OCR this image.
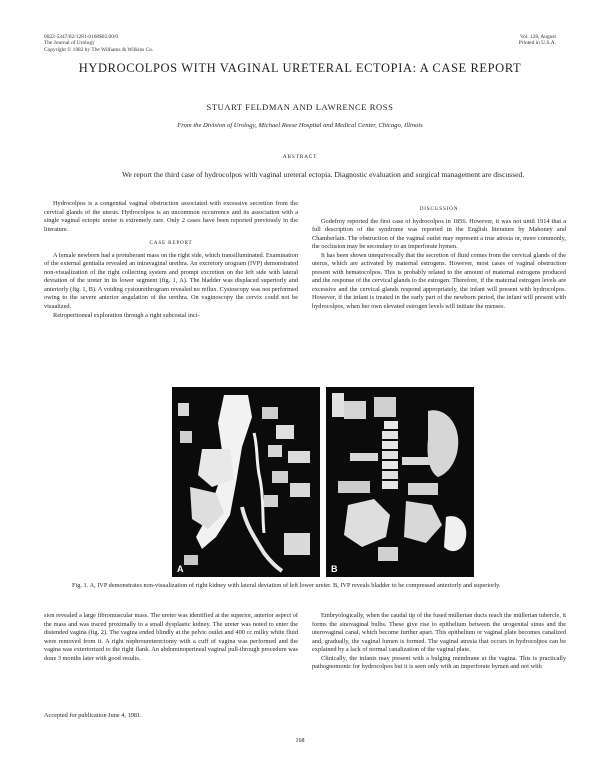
0022-5347/82/1281-0168$02.00/0
The Journal of Urology
Copyright © 1982 by The Williams & Wilkins Co.
Vol. 128, August
Printed in U.S.A.
HYDROCOLPOS WITH VAGINAL URETERAL ECTOPIA: A CASE REPORT
STUART FELDMAN AND LAWRENCE ROSS
From the Division of Urology, Michael Reese Hospital and Medical Center, Chicago, Illinois
ABSTRACT
We report the third case of hydrocolpos with vaginal ureteral ectopia. Diagnostic evaluation and surgical management are discussed.

Hydrocolpos is a congenital vaginal obstruction associated with excessive secretion from the cervical glands of the uterus. Hydrocolpos is an uncommon occurrence and its association with a single vaginal ectopic ureter is extremely rare. Only 2 cases have been reported previously in the literature.

CASE REPORT

A female newborn had a protuberant mass on the right side, which transilluminated. Examination of the external genitalia revealed an intravaginal urethra. An excretory urogram (IVP) demonstrated non-visualization of the right collecting system and prompt excretion on the left side with lateral deviation of the ureter in its lower segment (fig. 1, A). The bladder was displaced superiorly and anteriorly (fig. 1, B). A voiding cystourethrogram revealed no reflux. Cystoscopy was not performed owing to the severe anterior angulation of the urethra. On vaginoscopy the cervix could not be visualized.

Retroperitoneal exploration through a right subcostal inci-

DISCUSSION

Godefroy reported the first case of hydrocolpos in 1856. However, it was not until 1914 that a full description of the syndrome was reported in the English literature by Mahoney and Chamberlain. The obstruction of the vaginal outlet may represent a true atresia or, more commonly, the occlusion may be secondary to an imperforate hymen.

It has been shown unequivocally that the secretion of fluid comes from the cervical glands of the uterus, which are activated by maternal estrogens. However, most cases of vaginal obstruction present with hematocolpos. This is probably related to the amount of maternal estrogens produced and the response of the cervical glands to the estrogen. Therefore, if the maternal estrogen levels are excessive and the cervical glands respond appropriately, the infant will present with hydrocolpos. However, if the infant is treated in the early part of the newborn period, the infant will present with hydrocolpos, when her own elevated estrogen levels will initiate the menses.

A	B
Fig. 1. A, IVP demonstrates non-visualization of right kidney with lateral deviation of left lower ureter. B, IVP reveals bladder to be compressed anteriorly and superiorly.

sion revealed a large fibromuscular mass. The ureter was identified at the superior, anterior aspect of the mass and was traced proximally to a small dysplastic kidney. The ureter was noted to enter the distended vagina (fig. 2). The vagina ended blindly at the pelvic outlet and 400 cc milky white fluid were removed from it. A right nephroureterectomy with a cuff of vagina was performed and the vagina was exteriorized to the right flank. An abdominoperineal vaginal pull-through procedure was done 3 months later with good results.

Embryologically, when the caudal tip of the fused müllerian ducts reach the müllerian tubercle, it forms the sinovaginal bulbs. These give rise to epithelium between the urogenital sinus and the uterovaginal canal, which become further apart. This epithelium or vaginal plate becomes canalized and, gradually, the vaginal lumen is formed. The vaginal atresia that occurs in hydrocolpos can be explained by a lack of normal canalization of the vaginal plate.

Clinically, the infants may present with a bulging membrane at the vagina. This is practically pathognomonic for hydrocolpos but it is seen only with an imperforate hymen and not with

Accepted for publication June 4, 1981.
168
